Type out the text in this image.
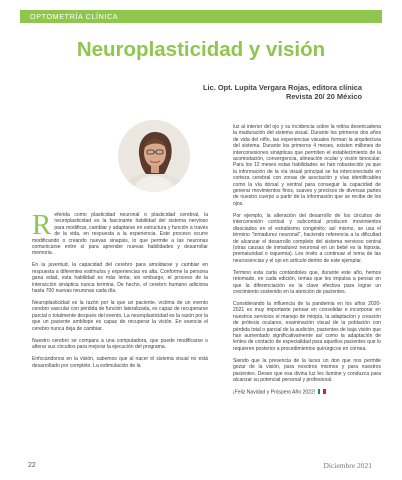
OPTOMETRÍA CLÍNICA
Neuroplasticidad y visión
Lic. Opt. Lupita Vergara Rojas, editora clínica
Revista 20/ 20 México

Referida como plasticidad neuronal o plasticidad cerebral, la neuroplasticidad es la fascinante habilidad del sistema nervioso para modificar, cambiar y adaptarse en estructura y función a través de la vida, en respuesta a la experiencia. Este proceso ocurre modificando o creando nuevas sinapsis, lo que permite a las neuronas comunicarse entre sí para aprender nuevas habilidades y desarrollar memoria.

En la juventud, la capacidad del cerebro para amoldarse y cambiar en respuesta a diferentes estímulos y experiencias es alta. Conforme la persona gana edad, esta habilidad es más lenta; sin embargo, el proceso de la interacción sináptica nunca termina. De hecho, el cerebro humano adiciona hasta 700 nuevas neuronas cada día.

Neuroplasticidad es la razón por la que un paciente, víctima de un evento cerebro vascular con pérdida de función lateralizada, es capaz de recuperarse parcial o totalmente después del evento. La neuroplasticidad es la razón por la que un paciente ambliope es capaz de recuperar la visión. En esencia el cerebro nunca deja de cambiar.

Nuestro cerebro se compara a una computadora, que puede modificarse o alterar sus circuitos para mejorar la ejecución del programa.

Enfocándonos en la visión, sabemos que al nacer el sistema visual no está desarrollado por completo. La estimulación de la

luz al interior del ojo y su incidencia sobre la retina desencadena la maduración del sistema visual. Durante los primeros dos años de vida del niño, las experiencias visuales forman la arquitectura del sistema. Durante los primeros 4 meses, existen millones de interconexiones sinápticas que permiten el establecimiento de la acomodación, convergencia, alineación ocular y visión binocular. Para los 12 meses estas habilidades se han robustecido ya que la información de la vía visual principal se ha interconectado en corteza cerebral con zonas de asociación y vías identificables como la vía dorsal y ventral para conseguir la capacidad de generar movimientos finos, suaves y precisos de diversas partes de nuestro cuerpo a partir de la información que se recibe de los ojos.

Por ejemplo, la alteración del desarrollo de los circuitos de interconexión cortical y subcortical producen movimientos disociados en el estrabismo congénito; así mismo, se usa el término "inmadurez neuronal", haciendo referencia a la dificultad de alcanzar el desarrollo completo del sistema nervioso central (otras causas de inmadurez neuronal en un bebé es la hipoxia, prematuridad o isquemia). Les invito a continuar el tema de las neurociencias y el ojo en artículo dentro de este ejemplar.

Termino esta carta contándoles que, durante este año, hemos retomado, en cada edición, temas que les impulsa a pensar en que la diferenciación es la clave efectiva para lograr un crecimiento sostenido en la atención de pacientes.

Considerando la influencia de la pandemia en los años 2020-2021 es muy importante pensar en consolidar e incorporar en nuestros servicios el manejo de miopía, la adaptación y creación de prótesis oculares, examinación visual de la población con pérdida total o parcial de la audición, pacientes de baja visión que han aumentado significativamente así como la adaptación de lentes de contacto de especialidad para aquellos pacientes que lo requieren posterior a procedimientos quirúrgicos en córnea.

Siendo que la presencia de la luces un don que nos permite gozar de la visión, para nosotros mismos y para nuestros pacientes. Deseo que esa divina luz les ilumine y conduzca para alcanzar su potencial personal y profesional.

¡Feliz Navidad y Próspero Año 2022!

22	Diciembre 2021
